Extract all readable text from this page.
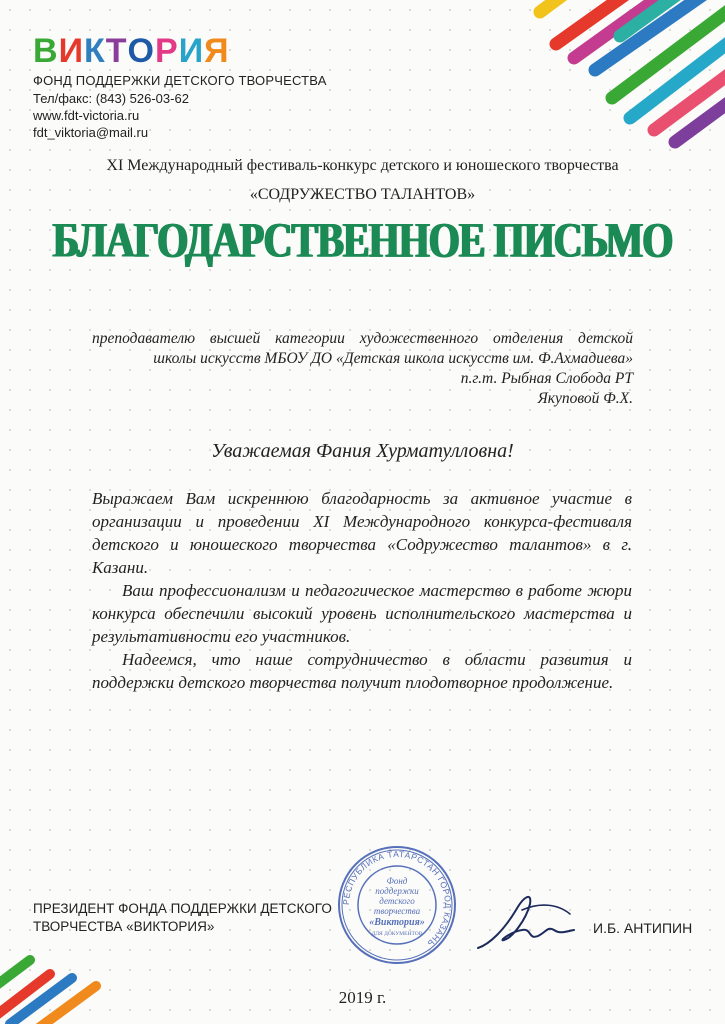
ВИКТОРИЯ
ФОНД ПОДДЕРЖКИ ДЕТСКОГО ТВОРЧЕСТВА
Тел/факс: (843) 526-03-62
www.fdt-victoria.ru
fdt_viktoria@mail.ru
XI Международный фестиваль-конкурс детского и юношеского творчества
«СОДРУЖЕСТВО ТАЛАНТОВ»
БЛАГОДАРСТВЕННОЕ ПИСЬМО
преподавателю высшей категории художественного отделения детской
школы искусств МБОУ ДО «Детская школа искусств им. Ф.Ахмадиева»
п.г.т. Рыбная Слобода РТ
Якуповой Ф.Х.
Уважаемая Фания Хурматулловна!

Выражаем Вам искреннюю благодарность за активное участие в организации и проведении XI Международного конкурса-фестиваля детского и юношеского творчества «Содружество талантов» в г. Казани.

Ваш профессионализм и педагогическое мастерство в работе жюри конкурса обеспечили высокий уровень исполнительского мастерства и результативности его участников.

Надеемся, что наше сотрудничество в области развития и поддержки детского творчества получит плодотворное продолжение.

ПРЕЗИДЕНТ ФОНДА ПОДДЕРЖКИ ДЕТСКОГО
ТВОРЧЕСТВА «ВИКТОРИЯ»
РЕСПУБЛИКА ТАТАРСТАН ГОРОД КАЗАНЬ
Фонд
поддержки
детского
творчества
«Виктория»
ДЛЯ ДОКУМЕНТОВ	И.Б. АНТИПИН
2019 г.
